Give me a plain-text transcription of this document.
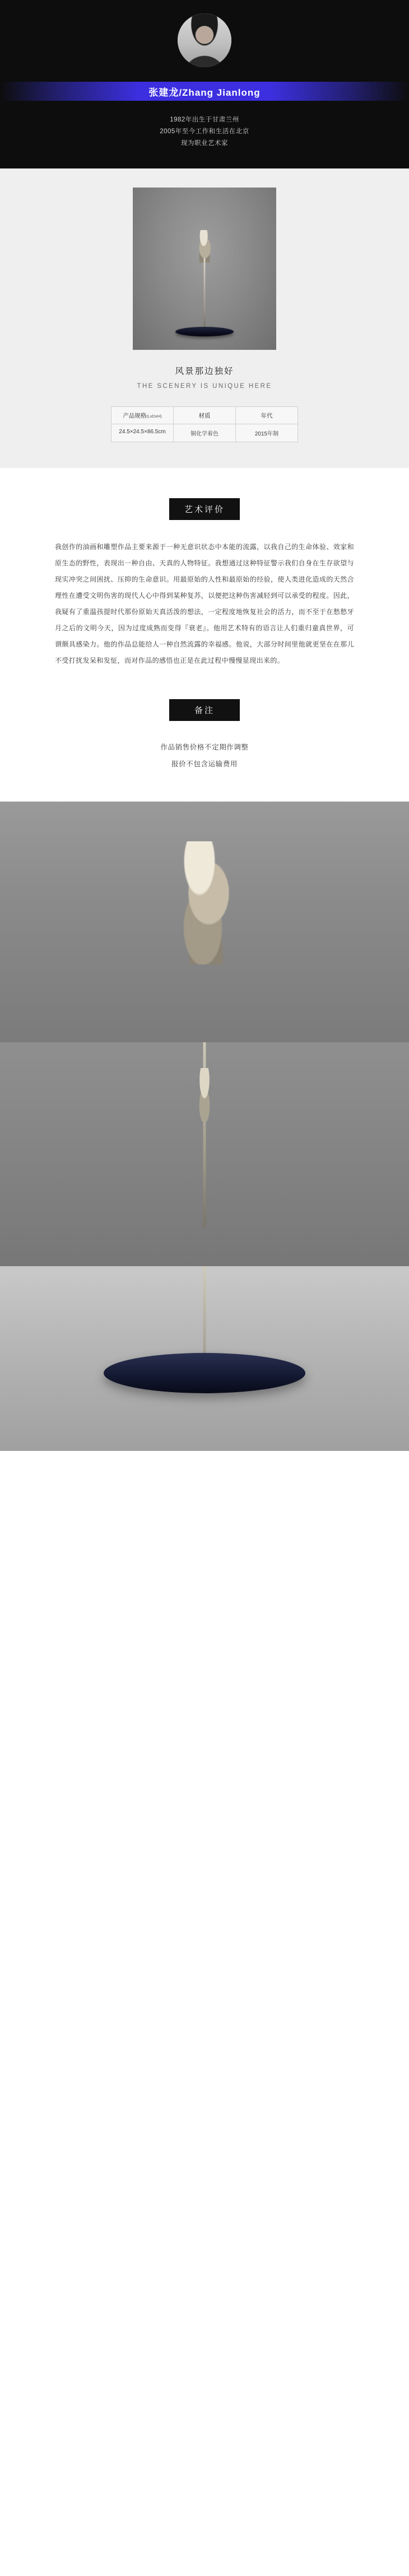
张建龙/Zhang Jianlong
1982年出生于甘肃兰州
2005年至今工作和生活在北京
现为职业艺术家
风景那边独好
THE SCENERY IS UNIQUE HERE
产品规格(LxDxH)
24.5×24.5×86.5cm
材质
铜化学着色
年代
2015年制
艺术评价
我创作的油画和雕塑作品主要来源于一种无意识状态中本能的流露，以我自己的生命体验、效家和原生态的野性，表现出一种自由、天真的人物特征。我想通过这种特征警示我们自身在生存欲望与现实冲突之间困扰、压抑的生命意识。用最原始的人性和最原始的经验，使人类进化造成的天然合理性在遭受文明伤害的现代人心中得到某种复苏，以便把这种伤害减轻到可以承受的程度。因此，我疑有了重温孩提时代那份原始天真活泼的想法，一定程度地恢复社会的活力，而不至于在愁愁牙月之后的文明今天，因为过度成熟而变得『衰老』。他用艺术特有的语言让人们重归童真世界，可谓颇具感染力。他的作品总能给人一种自然流露的幸福感。他说，大部分时间里他就更坚在在那儿不受打扰发呆和发怔，而对作品的感悟也正是在此过程中慢慢显现出来的。
备注
作品销售价格不定期作调整
报价不包含运输费用
